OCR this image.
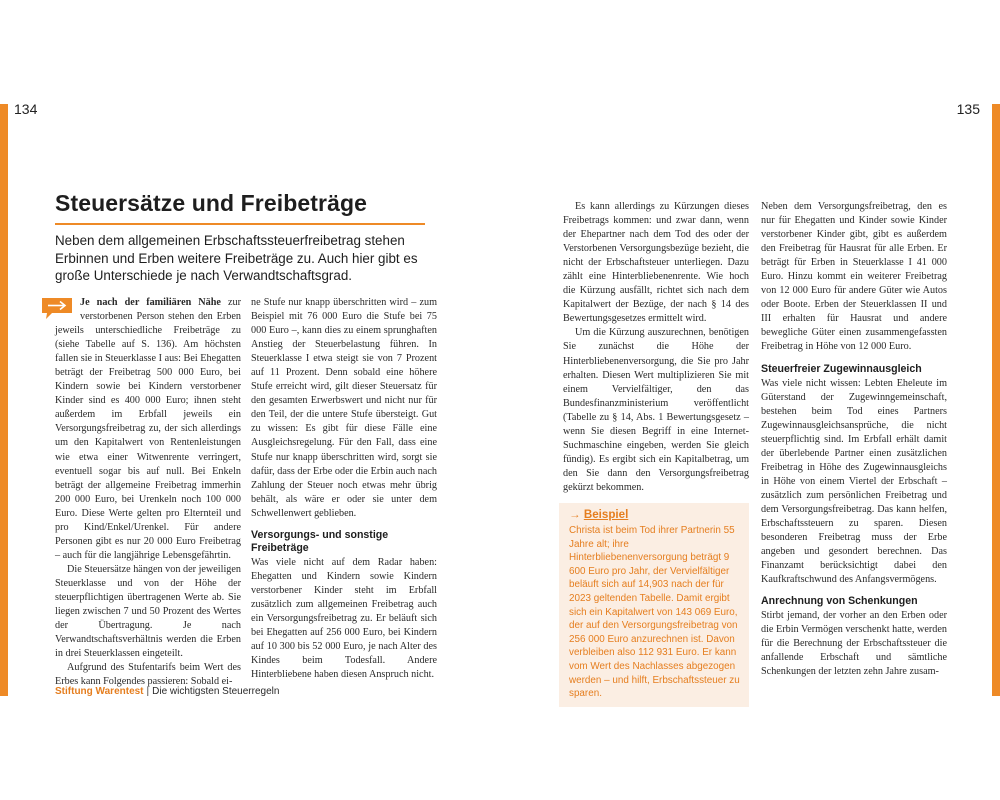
134	135
Steuersätze und Freibeträge

Neben dem allgemeinen Erbschaftssteuerfreibetrag stehen Erbinnen und Erben weitere Freibeträge zu. Auch hier gibt es große Unterschiede je nach Verwandtschaftsgrad.

Je nach der familiären Nähe zur verstorbenen Person stehen den Erben jeweils unterschiedliche Freibeträge zu (siehe Tabelle auf S. 136). Am höchsten fallen sie in Steuerklasse I aus: Bei Ehegatten beträgt der Freibetrag 500 000 Euro, bei Kindern sowie bei Kindern verstorbener Kinder sind es 400 000 Euro; ihnen steht außerdem im Erbfall jeweils ein Versorgungsfreibetrag zu, der sich allerdings um den Kapitalwert von Rentenleistungen wie etwa einer Witwenrente verringert, eventuell sogar bis auf null. Bei Enkeln beträgt der allgemeine Freibetrag immerhin 200 000 Euro, bei Urenkeln noch 100 000 Euro. Diese Werte gelten pro Elternteil und pro Kind/Enkel/Urenkel. Für andere Personen gibt es nur 20 000 Euro Freibetrag – auch für die langjährige Lebensgefährtin.

Die Steuersätze hängen von der jeweiligen Steuerklasse und von der Höhe der steuerpflichtigen übertragenen Werte ab. Sie liegen zwischen 7 und 50 Prozent des Wertes der Übertragung. Je nach Verwandtschaftsverhältnis werden die Erben in drei Steuerklassen eingeteilt.

Aufgrund des Stufentarifs beim Wert des Erbes kann Folgendes passieren: Sobald ei-

ne Stufe nur knapp überschritten wird – zum Beispiel mit 76 000 Euro die Stufe bei 75 000 Euro –, kann dies zu einem sprunghaften Anstieg der Steuerbelastung führen. In Steuerklasse I etwa steigt sie von 7 Prozent auf 11 Prozent. Denn sobald eine höhere Stufe erreicht wird, gilt dieser Steuersatz für den gesamten Erwerbswert und nicht nur für den Teil, der die untere Stufe übersteigt. Gut zu wissen: Es gibt für diese Fälle eine Ausgleichsregelung. Für den Fall, dass eine Stufe nur knapp überschritten wird, sorgt sie dafür, dass der Erbe oder die Erbin auch nach Zahlung der Steuer noch etwas mehr übrig behält, als wäre er oder sie unter dem Schwellenwert geblieben.

Versorgungs- und sonstige Freibeträge

Was viele nicht auf dem Radar haben: Ehegatten und Kindern sowie Kindern verstorbener Kinder steht im Erbfall zusätzlich zum allgemeinen Freibetrag auch ein Versorgungsfreibetrag zu. Er beläuft sich bei Ehegatten auf 256 000 Euro, bei Kindern auf 10 300 bis 52 000 Euro, je nach Alter des Kindes beim Todesfall. Andere Hinterbliebene haben diesen Anspruch nicht.

Es kann allerdings zu Kürzungen dieses Freibetrags kommen: und zwar dann, wenn der Ehepartner nach dem Tod des oder der Verstorbenen Versorgungsbezüge bezieht, die nicht der Erbschaftsteuer unterliegen. Dazu zählt eine Hinterbliebenenrente. Wie hoch die Kürzung ausfällt, richtet sich nach dem Kapitalwert der Bezüge, der nach § 14 des Bewertungsgesetzes ermittelt wird.

Um die Kürzung auszurechnen, benötigen Sie zunächst die Höhe der Hinterbliebenenversorgung, die Sie pro Jahr erhalten. Diesen Wert multiplizieren Sie mit einem Vervielfältiger, den das Bundesfinanzministerium veröffentlicht (Tabelle zu § 14, Abs. 1 Bewertungsgesetz – wenn Sie diesen Begriff in eine Internet-Suchmaschine eingeben, werden Sie gleich fündig). Es ergibt sich ein Kapitalbetrag, um den Sie dann den Versorgungsfreibetrag gekürzt bekommen.

→ Beispiel

Christa ist beim Tod ihrer Partnerin 55 Jahre alt; ihre Hinterbliebenenversorgung beträgt 9 600 Euro pro Jahr, der Vervielfältiger beläuft sich auf 14,903 nach der für 2023 geltenden Tabelle. Damit ergibt sich ein Kapitalwert von 143 069 Euro, der auf den Versorgungsfreibetrag von 256 000 Euro anzurechnen ist. Davon verbleiben also 112 931 Euro. Er kann vom Wert des Nachlasses abgezogen werden – und hilft, Erbschaftssteuer zu sparen.

Neben dem Versorgungsfreibetrag, den es nur für Ehegatten und Kinder sowie Kinder verstorbener Kinder gibt, gibt es außerdem den Freibetrag für Hausrat für alle Erben. Er beträgt für Erben in Steuerklasse I 41 000 Euro. Hinzu kommt ein weiterer Freibetrag von 12 000 Euro für andere Güter wie Autos oder Boote. Erben der Steuerklassen II und III erhalten für Hausrat und andere bewegliche Güter einen zusammengefassten Freibetrag in Höhe von 12 000 Euro.

Steuerfreier Zugewinnausgleich

Was viele nicht wissen: Lebten Eheleute im Güterstand der Zugewinngemeinschaft, bestehen beim Tod eines Partners Zugewinnausgleichsansprüche, die nicht steuerpflichtig sind. Im Erbfall erhält damit der überlebende Partner einen zusätzlichen Freibetrag in Höhe des Zugewinnausgleichs in Höhe von einem Viertel der Erbschaft – zusätzlich zum persönlichen Freibetrag und dem Versorgungsfreibetrag. Das kann helfen, Erbschaftssteuern zu sparen. Diesen besonderen Freibetrag muss der Erbe angeben und gesondert berechnen. Das Finanzamt berücksichtigt dabei den Kaufkraftschwund des Anfangsvermögens.

Anrechnung von Schenkungen

Stirbt jemand, der vorher an den Erben oder die Erbin Vermögen verschenkt hatte, werden für die Berechnung der Erbschaftssteuer die anfallende Erbschaft und sämtliche Schenkungen der letzten zehn Jahre zusam-

Stiftung Warentest | Die wichtigsten Steuerregeln
